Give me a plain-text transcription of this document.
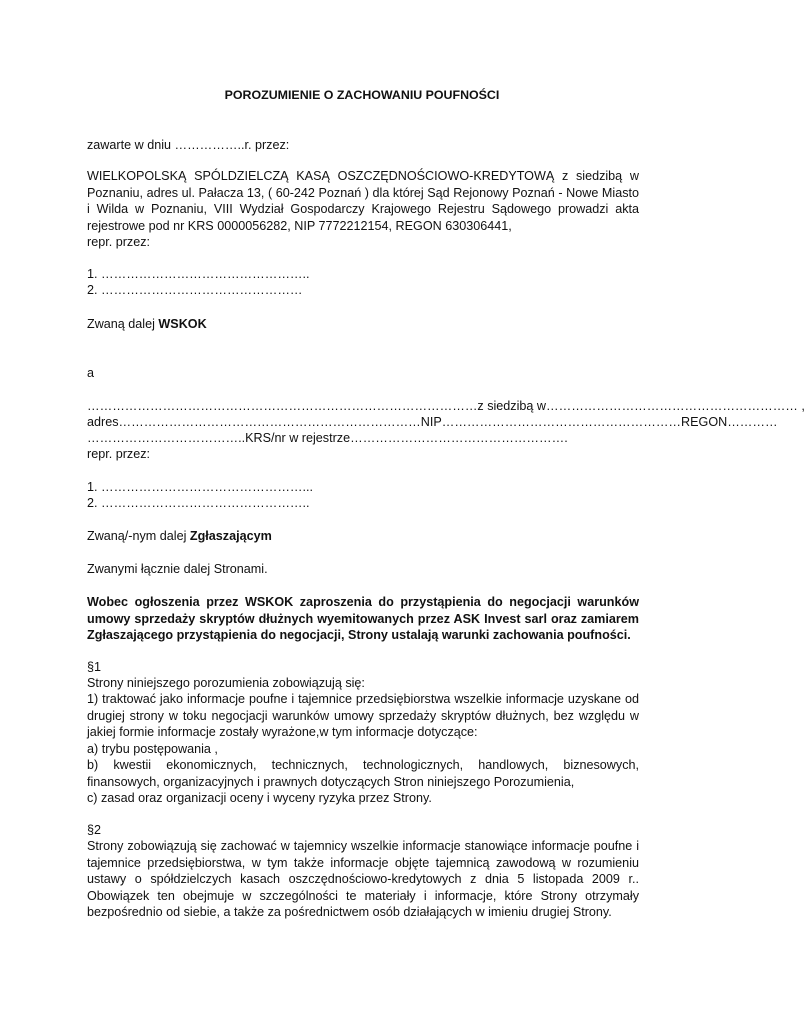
POROZUMIENIE O ZACHOWANIU POUFNOŚCI
zawarte w dniu ……………..r. przez:
WIELKOPOLSKĄ SPÓLDZIELCZĄ KASĄ OSZCZĘDNOŚCIOWO-KREDYTOWĄ z siedzibą w Poznaniu, adres ul. Pałacza 13, ( 60-242 Poznań ) dla której Sąd Rejonowy Poznań - Nowe Miasto i Wilda w Poznaniu, VIII Wydział Gospodarczy Krajowego Rejestru Sądowego prowadzi akta rejestrowe pod nr KRS 0000056282, NIP 7772212154, REGON 630306441,
repr. przez:
1. …………………………………………..
2. …………………………………………
Zwaną dalej WSKOK
a
…………………………………………………………………………………z siedzibą w…………………………………………………… ,
adres………………………………………………………………NIP…………………………………………………REGON…………
………………………………..KRS/nr w rejestrze…………………………………………….
repr. przez:
1. …………………………………………...
2. …………………………………………..
Zwaną/-nym dalej Zgłaszającym
Zwanymi łącznie dalej Stronami.
Wobec ogłoszenia przez WSKOK zaproszenia do przystąpienia do negocjacji warunków umowy sprzedaży skryptów dłużnych wyemitowanych przez ASK Invest sarl oraz zamiarem Zgłaszającego przystąpienia do negocjacji, Strony ustalają warunki zachowania poufności.
§1
Strony niniejszego porozumienia zobowiązują się:
1) traktować jako informacje poufne i tajemnice przedsiębiorstwa wszelkie informacje uzyskane od drugiej strony w toku negocjacji warunków umowy sprzedaży skryptów dłużnych, bez względu w jakiej formie informacje zostały wyrażone,w tym informacje dotyczące:
a) trybu postępowania ,
b) kwestii ekonomicznych, technicznych, technologicznych, handlowych, biznesowych, finansowych, organizacyjnych i prawnych dotyczących Stron niniejszego Porozumienia,
c) zasad oraz organizacji oceny i wyceny ryzyka przez Strony.
§2
Strony zobowiązują się zachować w tajemnicy wszelkie informacje stanowiące informacje poufne i tajemnice przedsiębiorstwa, w tym także informacje objęte tajemnicą zawodową w rozumieniu ustawy o spółdzielczych kasach oszczędnościowo-kredytowych z dnia 5 listopada 2009 r.. Obowiązek ten obejmuje w szczególności te materiały i informacje, które Strony otrzymały bezpośrednio od siebie, a także za pośrednictwem osób działających w imieniu drugiej Strony.
